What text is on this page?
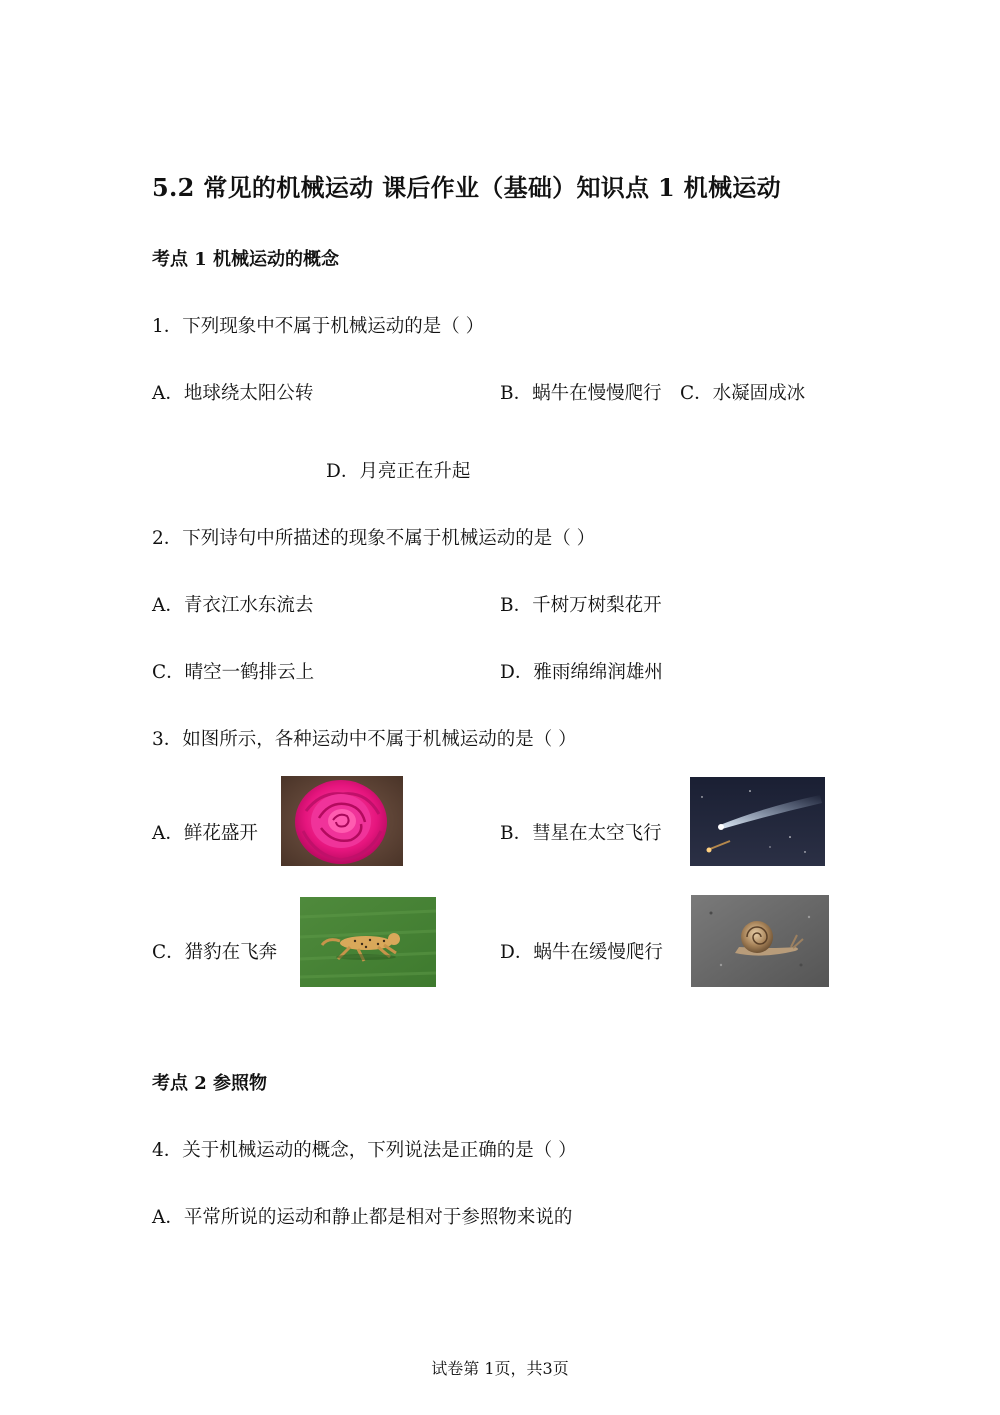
5.2 常见的机械运动 课后作业（基础）知识点 1 机械运动
考点 1 机械运动的概念
1．下列现象中不属于机械运动的是（ ）
A．地球绕太阳公转	B．蜗牛在慢慢爬行 C．水凝固成冰
D．月亮正在升起
2．下列诗句中所描述的现象不属于机械运动的是（ ）
A．青衣江水东流去	B．千树万树梨花开
C．晴空一鹤排云上	D．雅雨绵绵润雄州
3．如图所示，各种运动中不属于机械运动的是（ ）
A．鲜花盛开	B．彗星在太空飞行
C．猎豹在飞奔	D．蜗牛在缓慢爬行
考点 2 参照物
4．关于机械运动的概念，下列说法是正确的是（ ）
A．平常所说的运动和静止都是相对于参照物来说的
试卷第 1页，共3页
